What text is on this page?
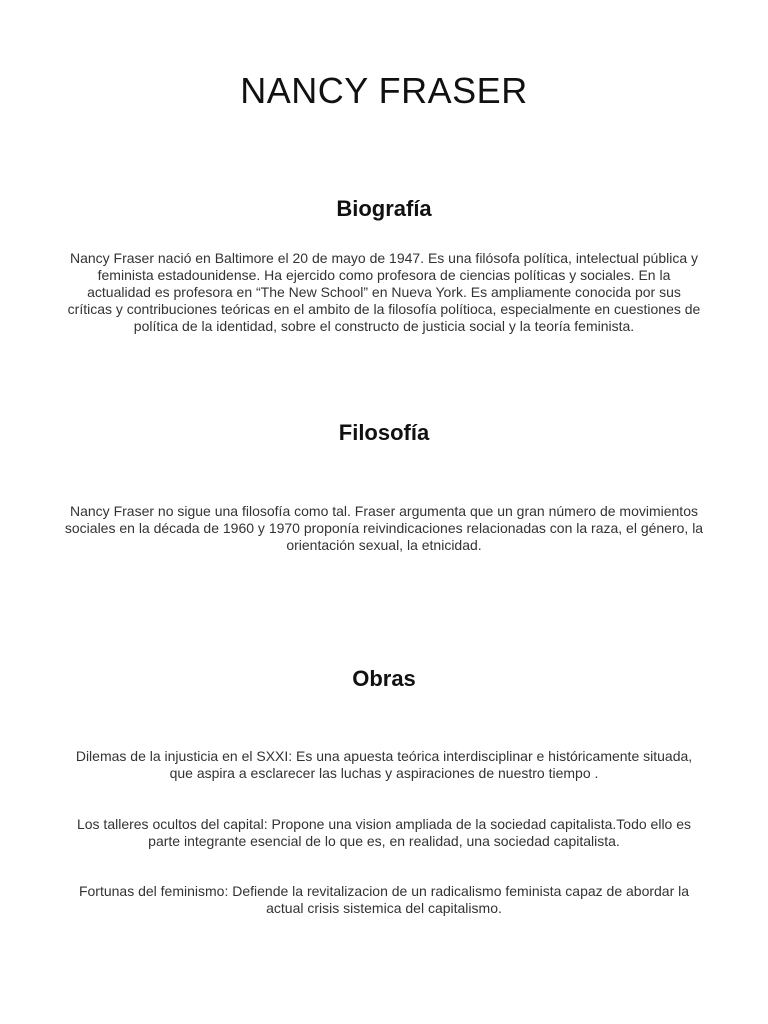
NANCY FRASER
Biografía

Nancy Fraser nació en Baltimore el 20 de mayo de 1947. Es una filósofa política, intelectual pública y feminista estadounidense. Ha ejercido como profesora de ciencias políticas y sociales. En la actualidad es profesora en “The New School” en Nueva York. Es ampliamente conocida por sus críticas y contribuciones teóricas en el ambito de la filosofía polítioca, especialmente en cuestiones de política de la identidad, sobre el constructo de justicia social y la teoría feminista.

Filosofía

Nancy Fraser no sigue una filosofía como tal. Fraser argumenta que un gran número de movimientos sociales en la década de 1960 y 1970 proponía reivindicaciones relacionadas con la raza, el género, la orientación sexual, la etnicidad.

Obras

Dilemas de la injusticia en el SXXI: Es una apuesta teórica interdisciplinar e históricamente situada, que aspira a esclarecer las luchas y aspiraciones de nuestro tiempo .

Los talleres ocultos del capital: Propone una vision ampliada de la sociedad capitalista.Todo ello es parte integrante esencial de lo que es, en realidad, una sociedad capitalista.

Fortunas del feminismo: Defiende la revitalizacion de un radicalismo feminista capaz de abordar la actual crisis sistemica del capitalismo.
